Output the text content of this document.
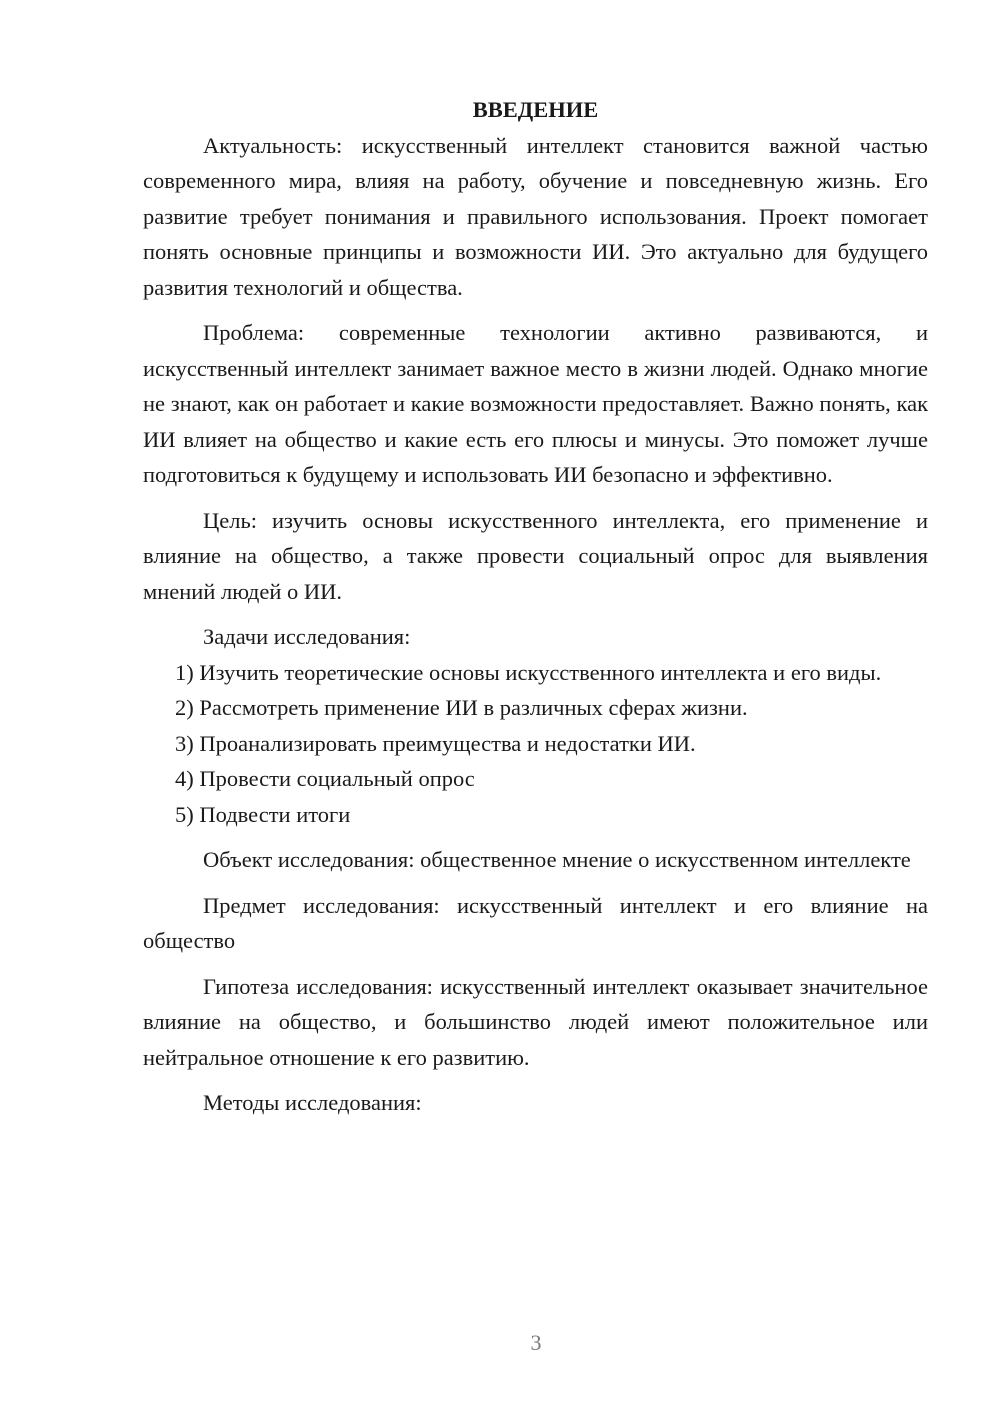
ВВЕДЕНИЕ

Актуальность: искусственный интеллект становится важной частью современного мира, влияя на работу, обучение и повседневную жизнь. Его развитие требует понимания и правильного использования. Проект помогает понять основные принципы и возможности ИИ. Это актуально для будущего развития технологий и общества.

Проблема: современные технологии активно развиваются, и искусственный интеллект занимает важное место в жизни людей. Однако многие не знают, как он работает и какие возможности предоставляет. Важно понять, как ИИ влияет на общество и какие есть его плюсы и минусы. Это поможет лучше подготовиться к будущему и использовать ИИ безопасно и эффективно.

Цель: изучить основы искусственного интеллекта, его применение и влияние на общество, а также провести социальный опрос для выявления мнений людей о ИИ.

Задачи исследования:

1) Изучить теоретические основы искусственного интеллекта и его виды.

2) Рассмотреть применение ИИ в различных сферах жизни.

3) Проанализировать преимущества и недостатки ИИ.

4) Провести социальный опрос

5) Подвести итоги

Объект исследования: общественное мнение о искусственном интеллекте

Предмет исследования: искусственный интеллект и его влияние на общество

Гипотеза исследования: искусственный интеллект оказывает значительное влияние на общество, и большинство людей имеют положительное или нейтральное отношение к его развитию.

Методы исследования:

3
